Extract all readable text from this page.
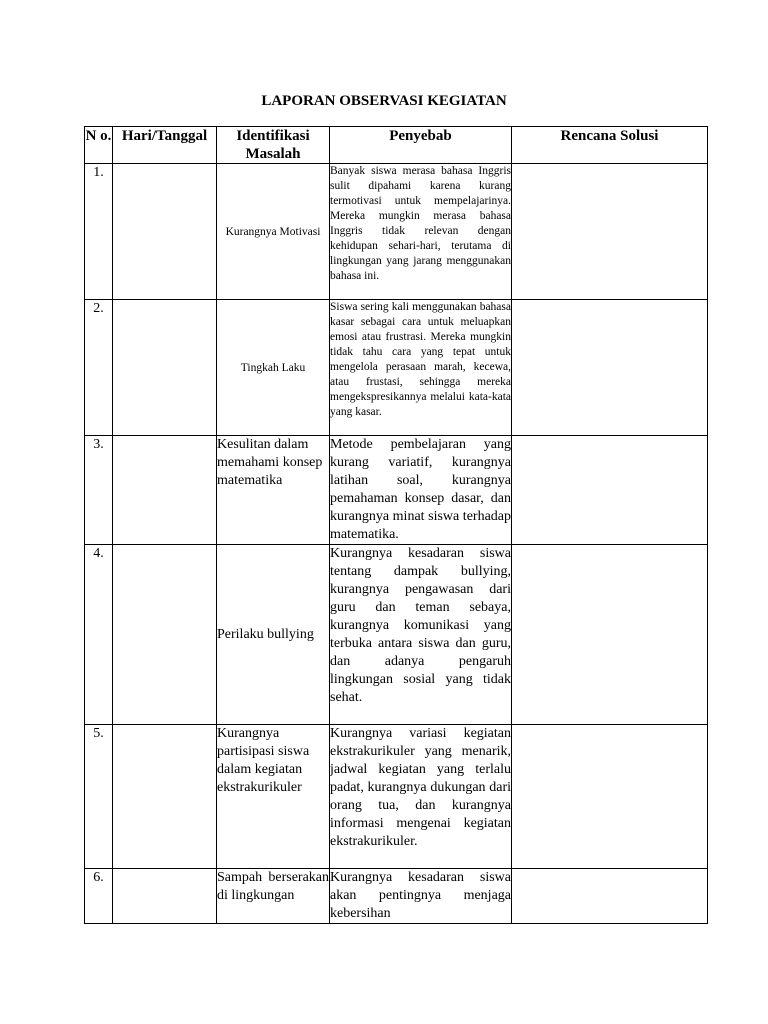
LAPORAN OBSERVASI KEGIATAN
N o.	Hari/Tanggal	Identifikasi Masalah	Penyebab	Rencana Solusi
1.		Kurangnya Motivasi	Banyak siswa merasa bahasa Inggris sulit dipahami karena kurang termotivasi untuk mempelajarinya. Mereka mungkin merasa bahasa Inggris tidak relevan dengan kehidupan sehari-hari, terutama di lingkungan yang jarang menggunakan bahasa ini.	
2.		Tingkah Laku	Siswa sering kali menggunakan bahasa kasar sebagai cara untuk meluapkan emosi atau frustrasi. Mereka mungkin tidak tahu cara yang tepat untuk mengelola perasaan marah, kecewa, atau frustasi, sehingga mereka mengekspresikannya melalui kata-kata yang kasar.	
3.		Kesulitan dalam memahami konsep matematika	Metode pembelajaran yang kurang variatif, kurangnya latihan soal, kurangnya pemahaman konsep dasar, dan kurangnya minat siswa terhadap matematika.	
4.		Perilaku bullying	Kurangnya kesadaran siswa tentang dampak bullying, kurangnya pengawasan dari guru dan teman sebaya, kurangnya komunikasi yang terbuka antara siswa dan guru, dan adanya pengaruh lingkungan sosial yang tidak sehat.	
5.		Kurangnya partisipasi siswa dalam kegiatan ekstrakurikuler	Kurangnya variasi kegiatan ekstrakurikuler yang menarik, jadwal kegiatan yang terlalu padat, kurangnya dukungan dari orang tua, dan kurangnya informasi mengenai kegiatan ekstrakurikuler.	
6.		Sampah berserakan di lingkungan	Kurangnya kesadaran siswa akan pentingnya menjaga kebersihan	
